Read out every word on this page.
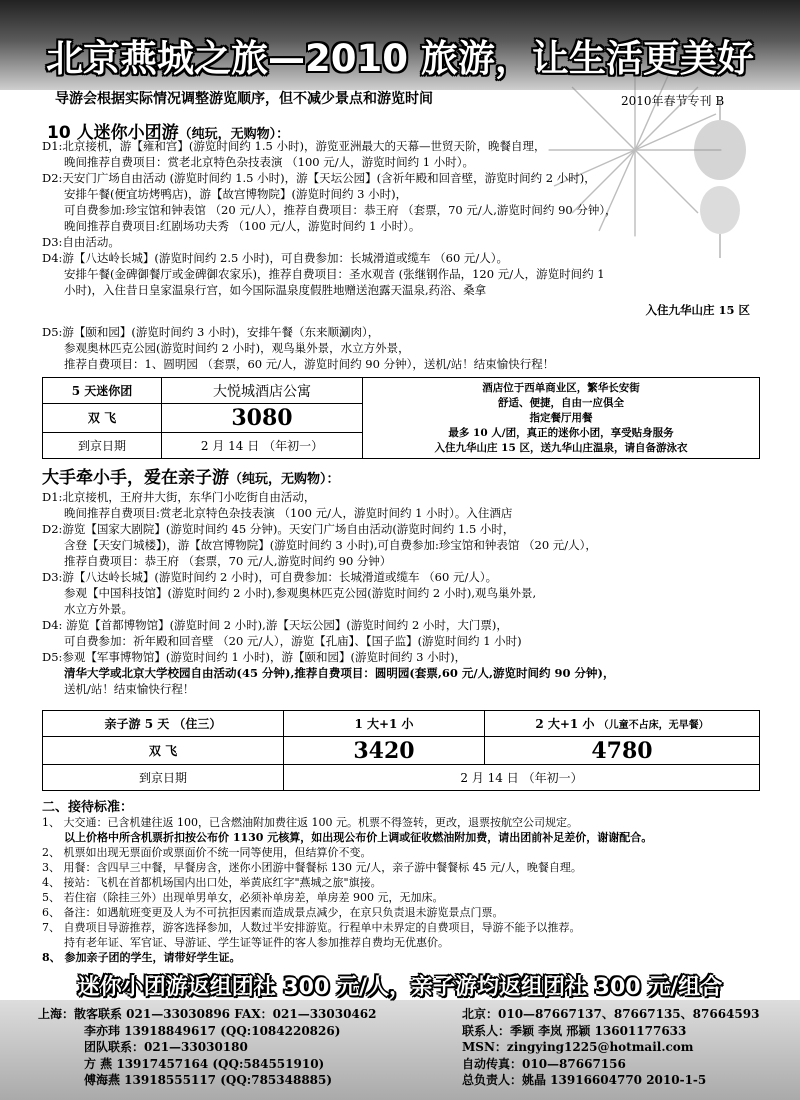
北京燕城之旅—2010 旅游，让生活更美好
导游会根据实际情况调整游览顺序，但不减少景点和游览时间	2010年春节专刊 B
10 人迷你小团游（纯玩，无购物）：

D1:北京接机，游【雍和宫】(游览时间约 1.5 小时)，游览亚洲最大的天幕—世贸天阶，晚餐自理，

晚间推荐自费项目：赏老北京特色杂技表演 （100 元/人，游览时间约 1 小时）。

D2:天安门广场自由活动 (游览时间约 1.5 小时)，游【天坛公园】(含祈年殿和回音壁，游览时间约 2 小时)，

安排午餐(便宜坊烤鸭店)，游【故宫博物院】(游览时间约 3 小时)，

可自费参加:珍宝馆和钟表馆 （20 元/人），推荐自费项目：恭王府 （套票，70 元/人,游览时间约 90 分钟），

晚间推荐自费项目:红剧场功夫秀 （100 元/人，游览时间约 1 小时）。

D3:自由活动。

D4:游【八达岭长城】(游览时间约 2.5 小时)，可自费参加：长城滑道或缆车 （60 元/人）。

安排午餐(金碑御餐厅或金碑御农家乐)，推荐自费项目：圣水观音 (张继钢作品，120 元/人，游览时间约 1

小时)，入住昔日皇家温泉行宫，如今国际温泉度假胜地赠送泡露天温泉,药浴、桑拿

入住九华山庄 15 区

D5:游【颐和园】(游览时间约 3 小时)，安排午餐（东来顺涮肉），

参观奥林匹克公园(游览时间约 2 小时)，观鸟巢外景，水立方外景，

推荐自费项目：1、圆明园 （套票，60 元/人，游览时间约 90 分钟），送机/站！结束愉快行程！

5 天迷你团	大悦城酒店公寓	酒店位于西单商业区，繁华长安街
舒适、便捷，自由一应俱全
指定餐厅用餐
最多 10 人/团，真正的迷你小团，享受贴身服务
入住九华山庄 15 区，送九华山庄温泉，请自备游泳衣

双 飞	3080	
到京日期	2 月 14 日 （年初一）	
大手牵小手，爱在亲子游（纯玩，无购物）：

D1:北京接机，王府井大街，东华门小吃街自由活动，

晚间推荐自费项目:赏老北京特色杂技表演 （100 元/人，游览时间约 1 小时）。入住酒店

D2:游览【国家大剧院】(游览时间约 45 分钟)。天安门广场自由活动(游览时间约 1.5 小时，

含登【天安门城楼】)，游【故宫博物院】(游览时间约 3 小时),可自费参加:珍宝馆和钟表馆 （20 元/人），

推荐自费项目：恭王府 （套票，70 元/人,游览时间约 90 分钟）

D3:游【八达岭长城】(游览时间约 2 小时)，可自费参加：长城滑道或缆车 （60 元/人）。

参观【中国科技馆】(游览时间约 2 小时),参观奥林匹克公园(游览时间约 2 小时),观鸟巢外景,

水立方外景。

D4: 游览【首都博物馆】(游览时间 2 小时),游【天坛公园】(游览时间约 2 小时，大门票)，

可自费参加：祈年殿和回音壁 （20 元/人），游览【孔庙】、【国子监】(游览时间约 1 小时)

D5:参观【军事博物馆】(游览时间约 1 小时)，游【颐和园】(游览时间约 3 小时)，

清华大学或北京大学校园自由活动(45 分钟),推荐自费项目：圆明园(套票,60 元/人,游览时间约 90 分钟)，

送机/站！结束愉快行程！

亲子游 5 天 （住三）	1 大+1 小	2 大+1 小 （儿童不占床，无早餐）
双 飞	3420	4780
到京日期	2 月 14 日 （年初一）	

二、接待标准：

1、 大交通：已含机建往返 100，已含燃油附加费往返 100 元。机票不得签转，更改，退票按航空公司规定。

以上价格中所含机票折扣按公布价 1130 元核算，如出现公布价上调或征收燃油附加费，请出团前补足差价，谢谢配合。

2、 机票如出现无票面价或票面价不统一同等使用，但结算价不变。

3、 用餐：含四早三中餐，早餐房含，迷你小团游中餐餐标 130 元/人，亲子游中餐餐标 45 元/人，晚餐自理。

4、 接站：飞机在首都机场国内出口处，举黄底红字"燕城之旅"旗接。

5、 若住宿（除挂三外）出现单男单女，必须补单房差，单房差 900 元，无加床。

6、 备注：如遇航班变更及人为不可抗拒因素而造成景点减少，在京只负责退未游览景点门票。

7、 自费项目导游推荐，游客选择参加，人数过半安排游览。行程单中未界定的自费项目，导游不能予以推荐。

持有老年证、军官证、导游证、学生证等证件的客人参加推荐自费均无优惠价。

8、 参加亲子团的学生，请带好学生证。

迷你小团游返组团社 300 元/人，亲子游均返组团社 300 元/组合

上海：散客联系 021—33030896 FAX：021—33030462

李亦玮 13918849617 (QQ:1084220826)

团队联系：021—33030180

方 燕 13917457164 (QQ:584551910)

傅海燕 13918555117 (QQ:785348885)

北京：010—87667137、87667135、87664593

联系人：季颖 李岚 邢颖 13601177633

MSN：zingying1225@hotmail.com

自动传真：010—87667156

总负责人：姚晶 13916604770 2010-1-5
